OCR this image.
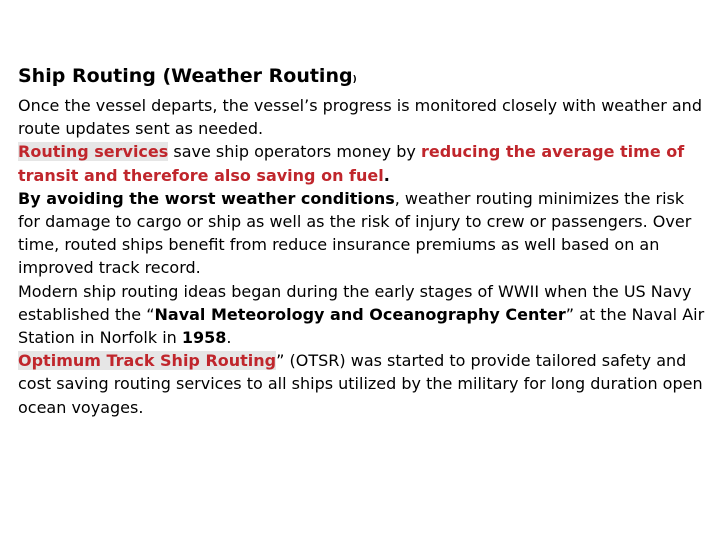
Ship Routing (Weather Routing)

Once the vessel departs, the vessel’s progress is monitored closely with weather and route updates sent as needed.

Routing services save ship operators money by reducing the average time of transit and therefore also saving on fuel.

By avoiding the worst weather conditions, weather routing minimizes the risk for damage to cargo or ship as well as the risk of injury to crew or passengers. Over time, routed ships benefit from reduce insurance premiums as well based on an improved track record.

Modern ship routing ideas began during the early stages of WWII when the US Navy established the “Naval Meteorology and Oceanography Center” at the Naval Air Station in Norfolk in 1958.

Optimum Track Ship Routing” (OTSR) was started to provide tailored safety and cost saving routing services to all ships utilized by the military for long duration open ocean voyages.
